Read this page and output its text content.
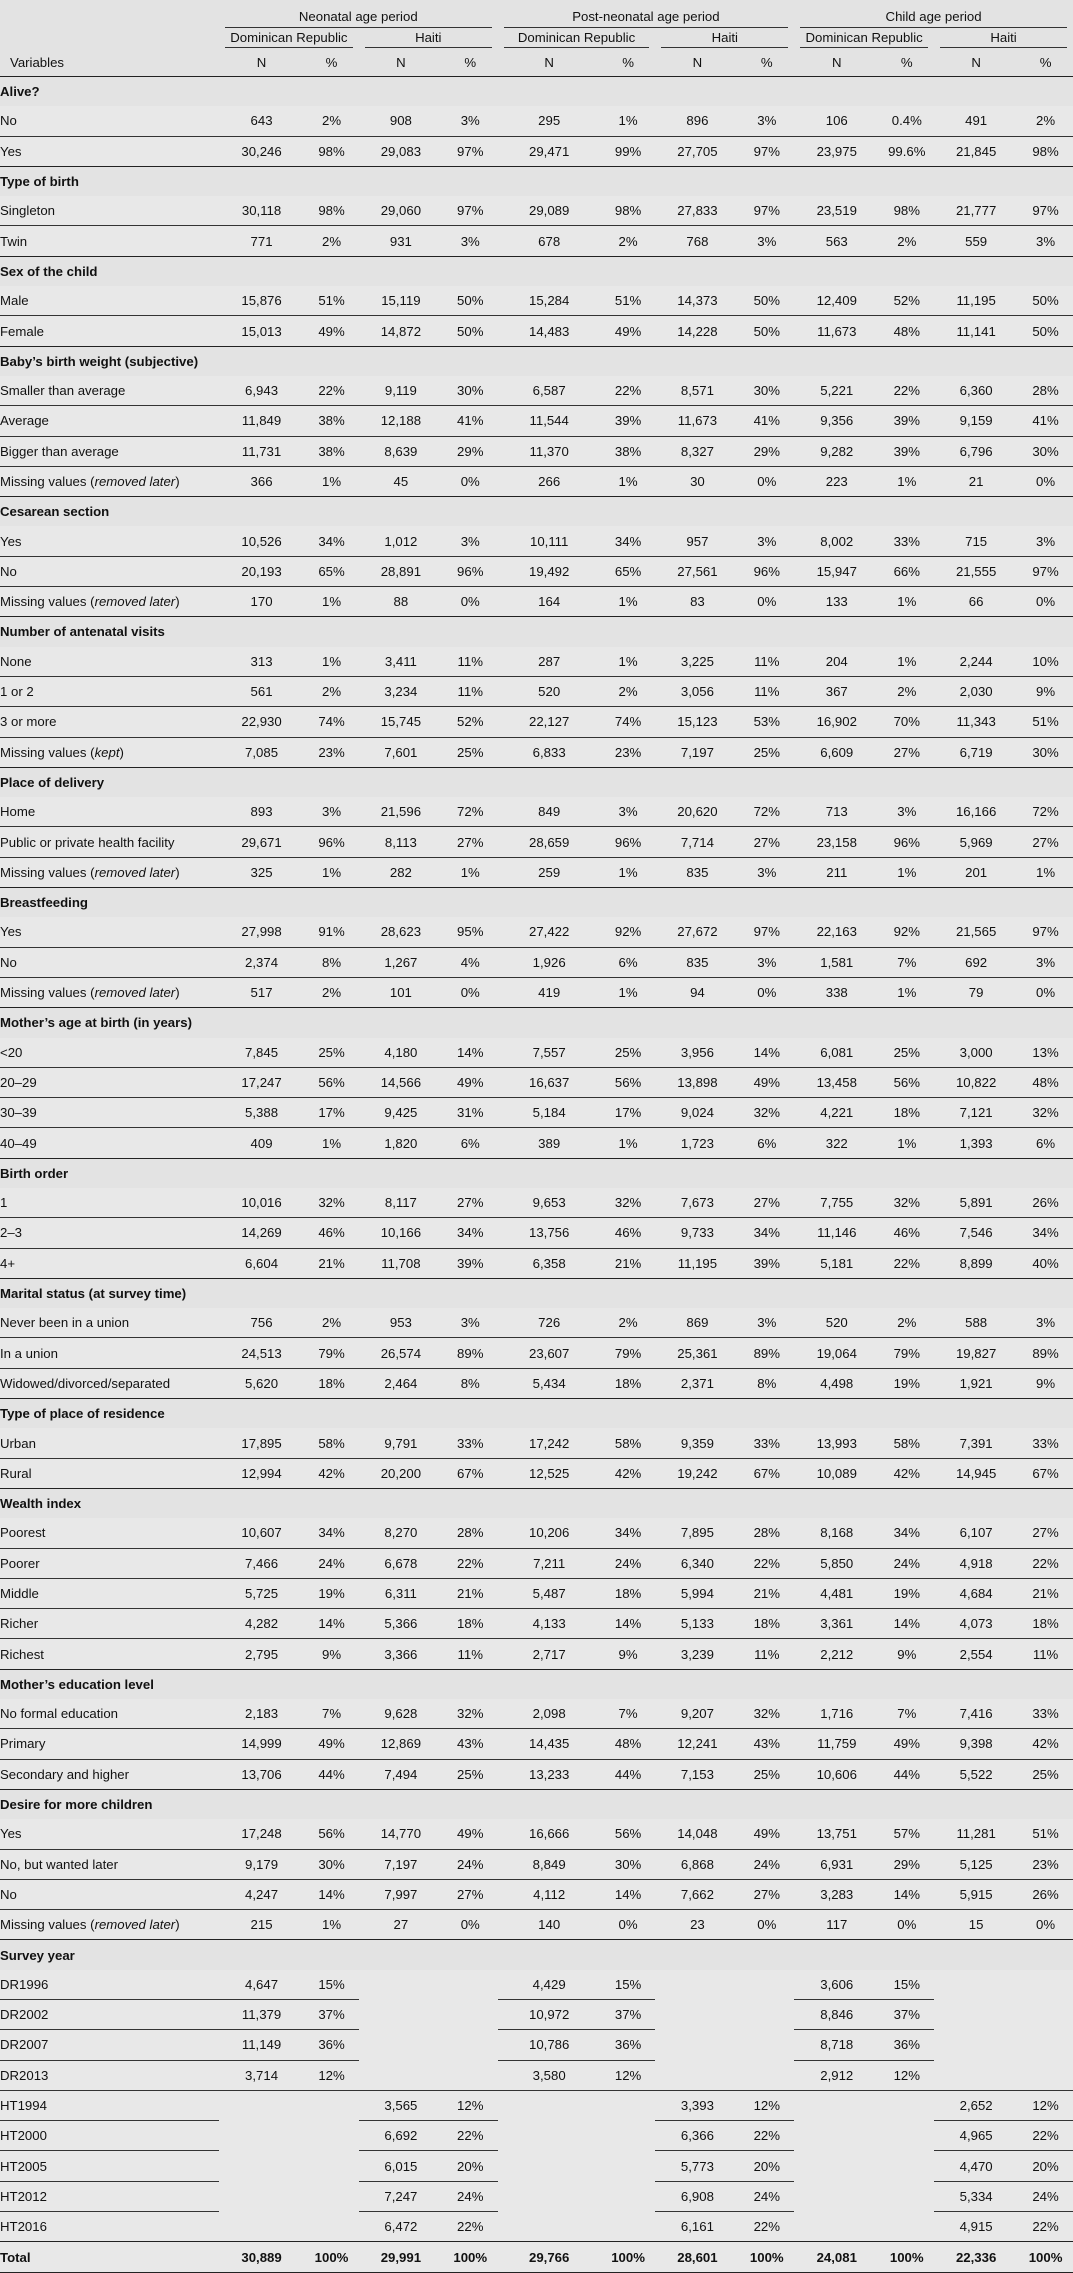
	Neonatal age period				Post-neonatal age period				Child age period			

	Dominican Republic		Haiti		Dominican Republic		Haiti		Dominican Republic		Haiti	

Variables	N	%	N	%	N	%	N	%	N	%	N	%
Alive?												
No	643	2%	908	3%	295	1%	896	3%	106	0.4%	491	2%
Yes	30,246	98%	29,083	97%	29,471	99%	27,705	97%	23,975	99.6%	21,845	98%
Type of birth												
Singleton	30,118	98%	29,060	97%	29,089	98%	27,833	97%	23,519	98%	21,777	97%
Twin	771	2%	931	3%	678	2%	768	3%	563	2%	559	3%
Sex of the child												
Male	15,876	51%	15,119	50%	15,284	51%	14,373	50%	12,409	52%	11,195	50%
Female	15,013	49%	14,872	50%	14,483	49%	14,228	50%	11,673	48%	11,141	50%
Baby’s birth weight (subjective)												
Smaller than average	6,943	22%	9,119	30%	6,587	22%	8,571	30%	5,221	22%	6,360	28%
Average	11,849	38%	12,188	41%	11,544	39%	11,673	41%	9,356	39%	9,159	41%
Bigger than average	11,731	38%	8,639	29%	11,370	38%	8,327	29%	9,282	39%	6,796	30%
Missing values (removed later)	366	1%	45	0%	266	1%	30	0%	223	1%	21	0%
Cesarean section												
Yes	10,526	34%	1,012	3%	10,111	34%	957	3%	8,002	33%	715	3%
No	20,193	65%	28,891	96%	19,492	65%	27,561	96%	15,947	66%	21,555	97%
Missing values (removed later)	170	1%	88	0%	164	1%	83	0%	133	1%	66	0%
Number of antenatal visits												
None	313	1%	3,411	11%	287	1%	3,225	11%	204	1%	2,244	10%
1 or 2	561	2%	3,234	11%	520	2%	3,056	11%	367	2%	2,030	9%
3 or more	22,930	74%	15,745	52%	22,127	74%	15,123	53%	16,902	70%	11,343	51%
Missing values (kept)	7,085	23%	7,601	25%	6,833	23%	7,197	25%	6,609	27%	6,719	30%
Place of delivery												
Home	893	3%	21,596	72%	849	3%	20,620	72%	713	3%	16,166	72%
Public or private health facility	29,671	96%	8,113	27%	28,659	96%	7,714	27%	23,158	96%	5,969	27%
Missing values (removed later)	325	1%	282	1%	259	1%	835	3%	211	1%	201	1%
Breastfeeding												
Yes	27,998	91%	28,623	95%	27,422	92%	27,672	97%	22,163	92%	21,565	97%
No	2,374	8%	1,267	4%	1,926	6%	835	3%	1,581	7%	692	3%
Missing values (removed later)	517	2%	101	0%	419	1%	94	0%	338	1%	79	0%
Mother’s age at birth (in years)												
<20	7,845	25%	4,180	14%	7,557	25%	3,956	14%	6,081	25%	3,000	13%
20–29	17,247	56%	14,566	49%	16,637	56%	13,898	49%	13,458	56%	10,822	48%
30–39	5,388	17%	9,425	31%	5,184	17%	9,024	32%	4,221	18%	7,121	32%
40–49	409	1%	1,820	6%	389	1%	1,723	6%	322	1%	1,393	6%
Birth order												
1	10,016	32%	8,117	27%	9,653	32%	7,673	27%	7,755	32%	5,891	26%
2–3	14,269	46%	10,166	34%	13,756	46%	9,733	34%	11,146	46%	7,546	34%
4+	6,604	21%	11,708	39%	6,358	21%	11,195	39%	5,181	22%	8,899	40%
Marital status (at survey time)												
Never been in a union	756	2%	953	3%	726	2%	869	3%	520	2%	588	3%
In a union	24,513	79%	26,574	89%	23,607	79%	25,361	89%	19,064	79%	19,827	89%
Widowed/divorced/separated	5,620	18%	2,464	8%	5,434	18%	2,371	8%	4,498	19%	1,921	9%
Type of place of residence												
Urban	17,895	58%	9,791	33%	17,242	58%	9,359	33%	13,993	58%	7,391	33%
Rural	12,994	42%	20,200	67%	12,525	42%	19,242	67%	10,089	42%	14,945	67%
Wealth index												
Poorest	10,607	34%	8,270	28%	10,206	34%	7,895	28%	8,168	34%	6,107	27%
Poorer	7,466	24%	6,678	22%	7,211	24%	6,340	22%	5,850	24%	4,918	22%
Middle	5,725	19%	6,311	21%	5,487	18%	5,994	21%	4,481	19%	4,684	21%
Richer	4,282	14%	5,366	18%	4,133	14%	5,133	18%	3,361	14%	4,073	18%
Richest	2,795	9%	3,366	11%	2,717	9%	3,239	11%	2,212	9%	2,554	11%
Mother’s education level												
No formal education	2,183	7%	9,628	32%	2,098	7%	9,207	32%	1,716	7%	7,416	33%
Primary	14,999	49%	12,869	43%	14,435	48%	12,241	43%	11,759	49%	9,398	42%
Secondary and higher	13,706	44%	7,494	25%	13,233	44%	7,153	25%	10,606	44%	5,522	25%
Desire for more children												
Yes	17,248	56%	14,770	49%	16,666	56%	14,048	49%	13,751	57%	11,281	51%
No, but wanted later	9,179	30%	7,197	24%	8,849	30%	6,868	24%	6,931	29%	5,125	23%
No	4,247	14%	7,997	27%	4,112	14%	7,662	27%	3,283	14%	5,915	26%
Missing values (removed later)	215	1%	27	0%	140	0%	23	0%	117	0%	15	0%
Survey year												
DR1996	4,647	15%			4,429	15%			3,606	15%		
DR2002	11,379	37%			10,972	37%			8,846	37%		
DR2007	11,149	36%			10,786	36%			8,718	36%		
DR2013	3,714	12%			3,580	12%			2,912	12%		
HT1994			3,565	12%			3,393	12%			2,652	12%
HT2000			6,692	22%			6,366	22%			4,965	22%
HT2005			6,015	20%			5,773	20%			4,470	20%
HT2012			7,247	24%			6,908	24%			5,334	24%
HT2016			6,472	22%			6,161	22%			4,915	22%
Total	30,889	100%	29,991	100%	29,766	100%	28,601	100%	24,081	100%	22,336	100%
